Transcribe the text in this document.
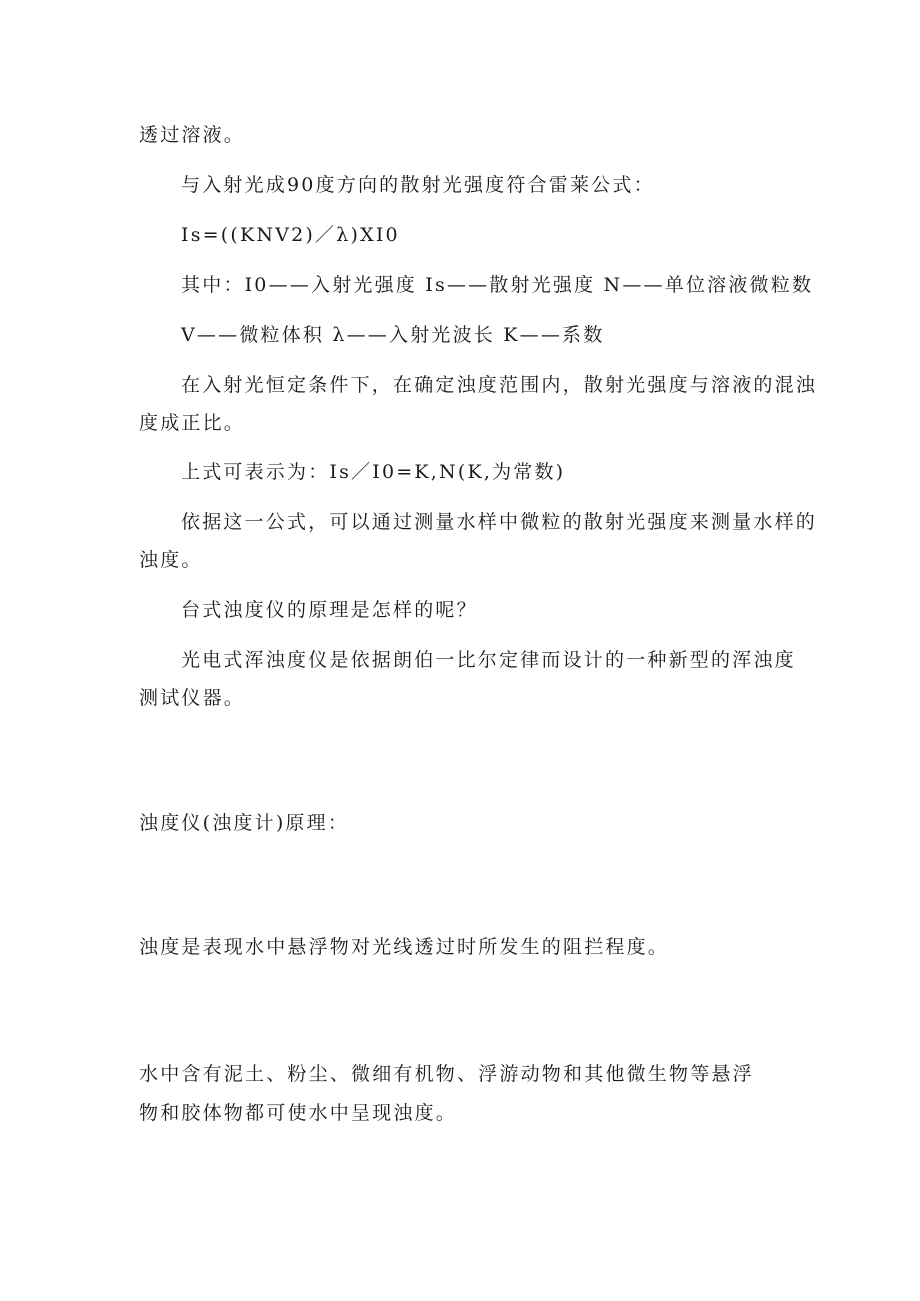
透过溶液。

与入射光成90度方向的散射光强度符合雷莱公式：

Is=((KNV2)／λ)XI0

其中：I0——入射光强度 Is——散射光强度 N——单位溶液微粒数

V——微粒体积 λ——入射光波长 K——系数

在入射光恒定条件下，在确定浊度范围内，散射光强度与溶液的混浊

度成正比。

上式可表示为：Is／I0=K,N(K,为常数)

依据这一公式，可以通过测量水样中微粒的散射光强度来测量水样的

浊度。

台式浊度仪的原理是怎样的呢？

光电式浑浊度仪是依据朗伯一比尔定律而设计的一种新型的浑浊度

测试仪器。

浊度仪(浊度计)原理：

浊度是表现水中悬浮物对光线透过时所发生的阻拦程度。

水中含有泥土、粉尘、微细有机物、浮游动物和其他微生物等悬浮

物和胶体物都可使水中呈现浊度。
